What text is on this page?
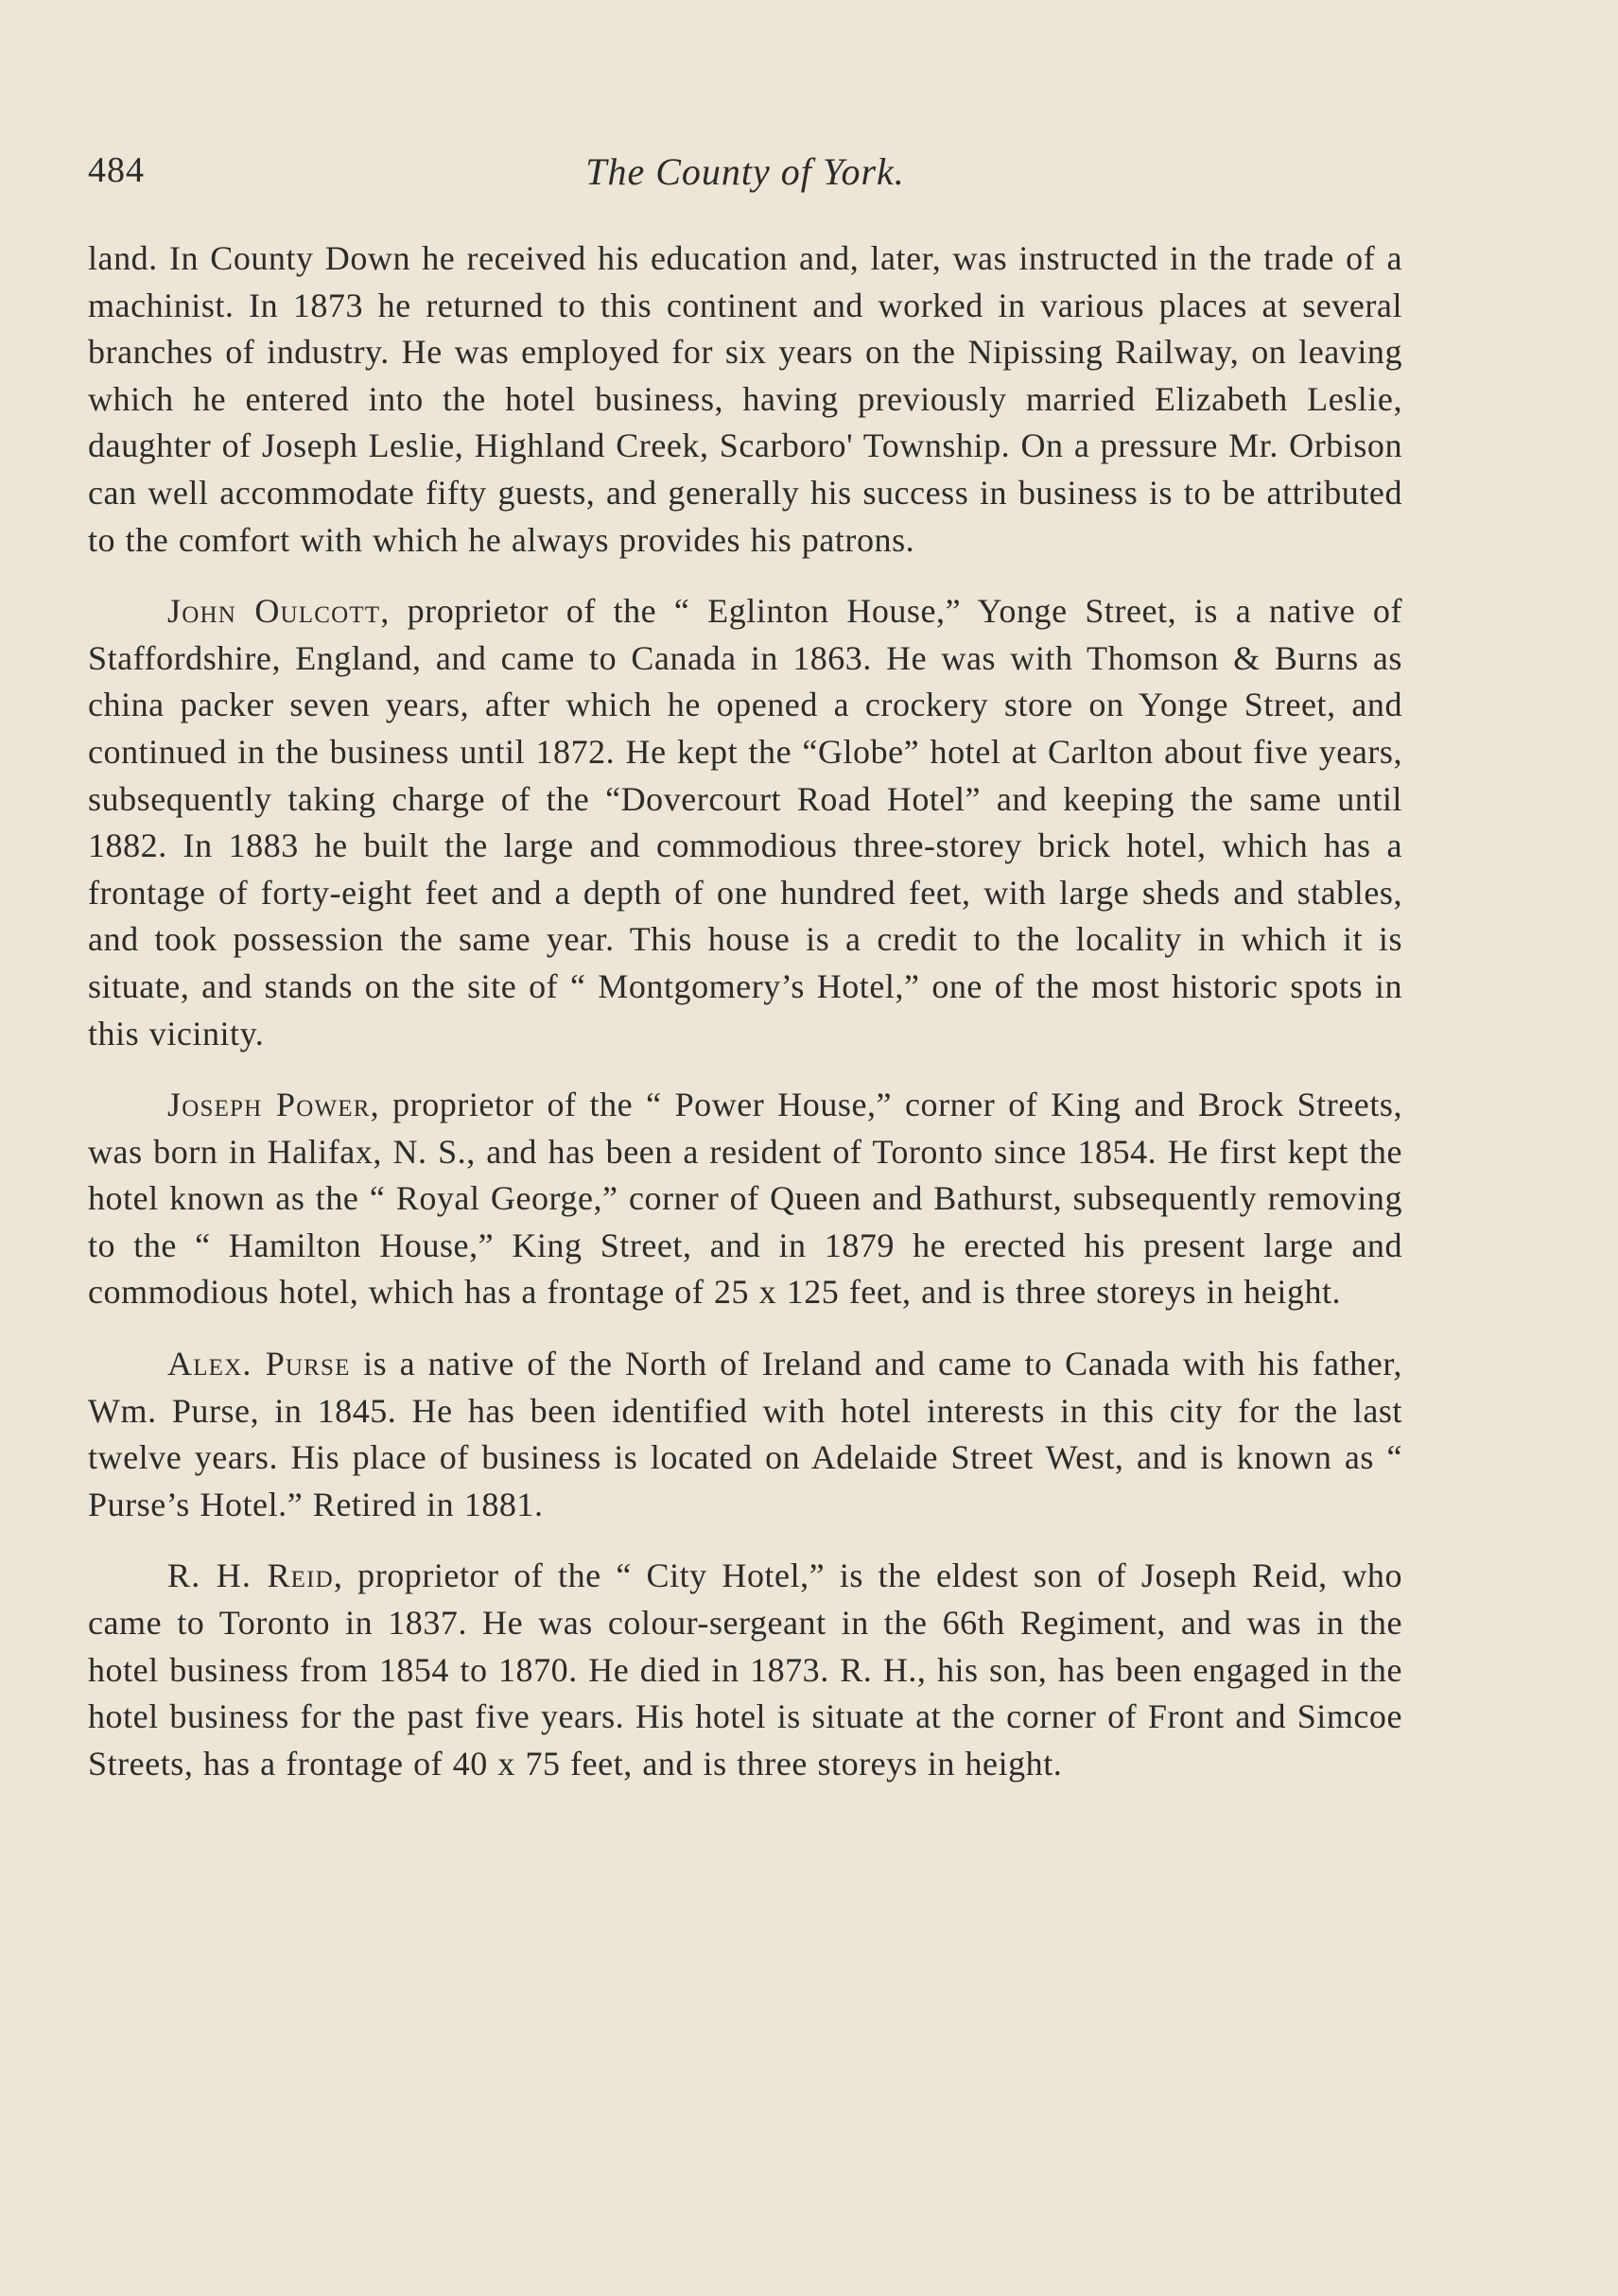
484	The County of York.

land. In County Down he received his education and, later, was instructed in the trade of a machinist. In 1873 he returned to this continent and worked in various places at several branches of industry. He was employed for six years on the Nipissing Railway, on leaving which he entered into the hotel business, having previously married Elizabeth Leslie, daughter of Joseph Leslie, Highland Creek, Scarboro' Township. On a pressure Mr. Orbison can well accommodate fifty guests, and generally his success in business is to be attributed to the comfort with which he always provides his patrons.

John Oulcott, proprietor of the “ Eglinton House,” Yonge Street, is a native of Staffordshire, England, and came to Canada in 1863. He was with Thomson & Burns as china packer seven years, after which he opened a crockery store on Yonge Street, and continued in the business until 1872. He kept the “Globe” hotel at Carlton about five years, subsequently taking charge of the “Dovercourt Road Hotel” and keeping the same until 1882. In 1883 he built the large and commodious three-storey brick hotel, which has a frontage of forty-eight feet and a depth of one hundred feet, with large sheds and stables, and took possession the same year. This house is a credit to the locality in which it is situate, and stands on the site of “ Montgomery’s Hotel,” one of the most historic spots in this vicinity.

Joseph Power, proprietor of the “ Power House,” corner of King and Brock Streets, was born in Halifax, N. S., and has been a resident of Toronto since 1854. He first kept the hotel known as the “ Royal George,” corner of Queen and Bathurst, subsequently removing to the “ Hamilton House,” King Street, and in 1879 he erected his present large and commodious hotel, which has a frontage of 25 x 125 feet, and is three storeys in height.

Alex. Purse is a native of the North of Ireland and came to Canada with his father, Wm. Purse, in 1845. He has been identified with hotel interests in this city for the last twelve years. His place of business is located on Adelaide Street West, and is known as “ Purse’s Hotel.” Retired in 1881.

R. H. Reid, proprietor of the “ City Hotel,” is the eldest son of Joseph Reid, who came to Toronto in 1837. He was colour-sergeant in the 66th Regiment, and was in the hotel business from 1854 to 1870. He died in 1873. R. H., his son, has been engaged in the hotel business for the past five years. His hotel is situate at the corner of Front and Simcoe Streets, has a frontage of 40 x 75 feet, and is three storeys in height.
